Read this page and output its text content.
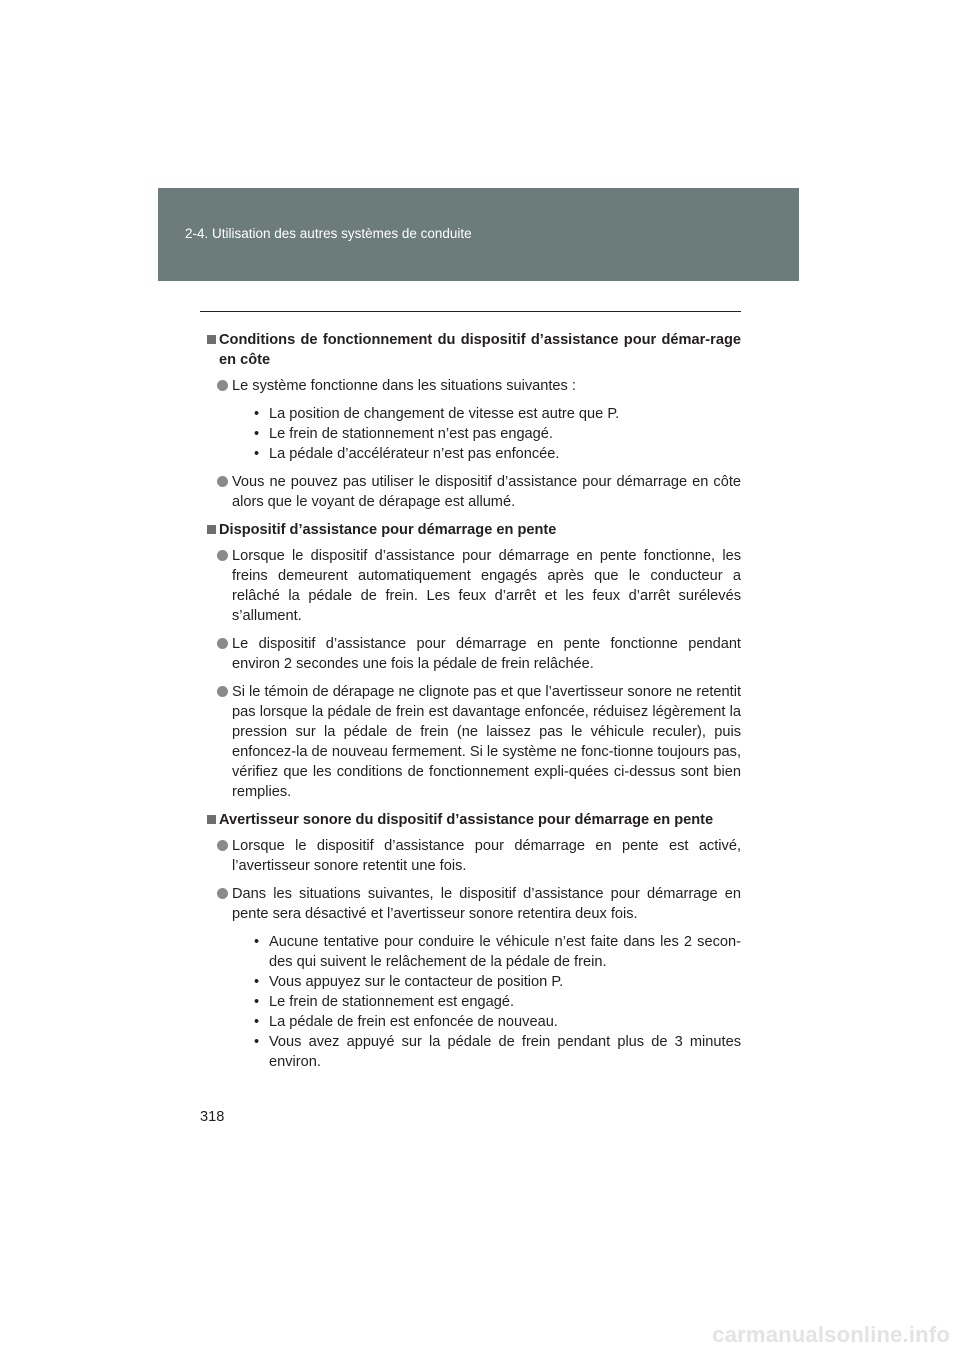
2-4. Utilisation des autres systèmes de conduite
Conditions de fonctionnement du dispositif d’assistance pour démar-rage en côte
Le système fonctionne dans les situations suivantes :
• La position de changement de vitesse est autre que P.
• Le frein de stationnement n’est pas engagé.
• La pédale d’accélérateur n’est pas enfoncée.
Vous ne pouvez pas utiliser le dispositif d’assistance pour démarrage en côte alors que le voyant de dérapage est allumé.
Dispositif d’assistance pour démarrage en pente
Lorsque le dispositif d’assistance pour démarrage en pente fonctionne, les freins demeurent automatiquement engagés après que le conducteur a relâché la pédale de frein. Les feux d’arrêt et les feux d’arrêt surélevés s’allument.
Le dispositif d’assistance pour démarrage en pente fonctionne pendant environ 2 secondes une fois la pédale de frein relâchée.
Si le témoin de dérapage ne clignote pas et que l’avertisseur sonore ne retentit pas lorsque la pédale de frein est davantage enfoncée, réduisez légèrement la pression sur la pédale de frein (ne laissez pas le véhicule reculer), puis enfoncez-la de nouveau fermement. Si le système ne fonc-tionne toujours pas, vérifiez que les conditions de fonctionnement expli-quées ci-dessus sont bien remplies.
Avertisseur sonore du dispositif d’assistance pour démarrage en pente
Lorsque le dispositif d’assistance pour démarrage en pente est activé, l’avertisseur sonore retentit une fois.
Dans les situations suivantes, le dispositif d’assistance pour démarrage en pente sera désactivé et l’avertisseur sonore retentira deux fois.
• Aucune tentative pour conduire le véhicule n’est faite dans les 2 secon-des qui suivent le relâchement de la pédale de frein.
• Vous appuyez sur le contacteur de position P.
• Le frein de stationnement est engagé.
• La pédale de frein est enfoncée de nouveau.
• Vous avez appuyé sur la pédale de frein pendant plus de 3 minutes environ.
318
carmanualsonline.info
